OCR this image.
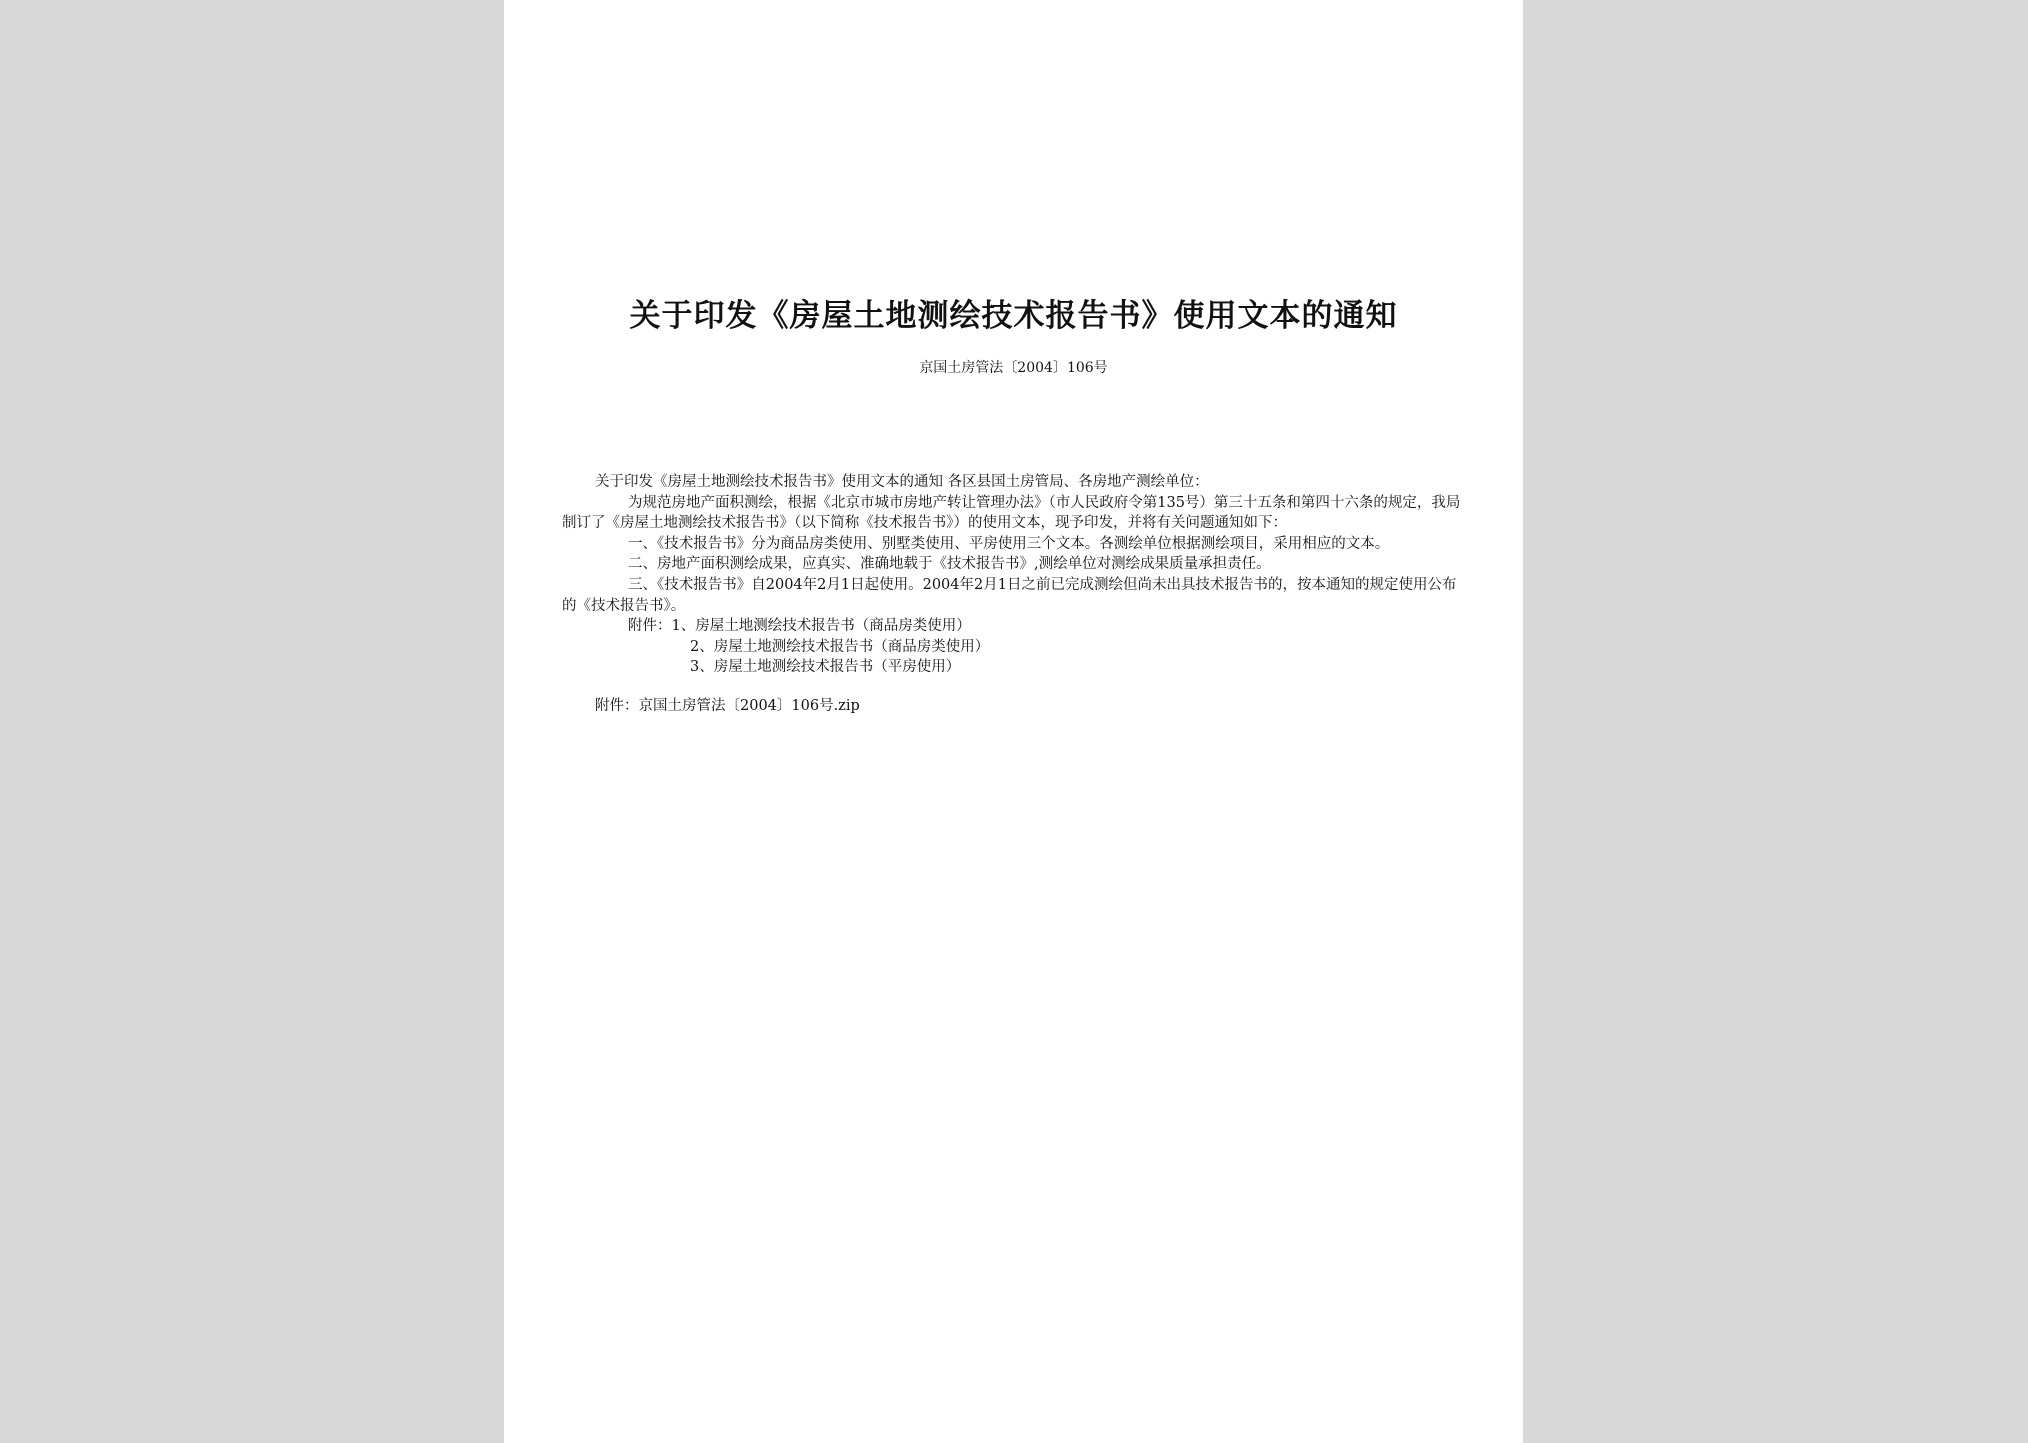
关于印发《房屋土地测绘技术报告书》使用文本的通知
京国土房管法〔2004〕106号

关于印发《房屋土地测绘技术报告书》使用文本的通知 各区县国土房管局、各房地产测绘单位：

为规范房地产面积测绘，根据《北京市城市房地产转让管理办法》（市人民政府令第135号）第三十五条和第四十六条的规定，我局制订了《房屋土地测绘技术报告书》（以下简称《技术报告书》）的使用文本，现予印发，并将有关问题通知如下：

一、《技术报告书》分为商品房类使用、别墅类使用、平房使用三个文本。各测绘单位根据测绘项目，采用相应的文本。

二、房地产面积测绘成果，应真实、准确地载于《技术报告书》,测绘单位对测绘成果质量承担责任。

三、《技术报告书》自2004年2月1日起使用。2004年2月1日之前已完成测绘但尚未出具技术报告书的，按本通知的规定使用公布的《技术报告书》。

附件：1、房屋土地测绘技术报告书（商品房类使用）

2、房屋土地测绘技术报告书（商品房类使用）

3、房屋土地测绘技术报告书（平房使用）

附件：京国土房管法〔2004〕106号.zip
